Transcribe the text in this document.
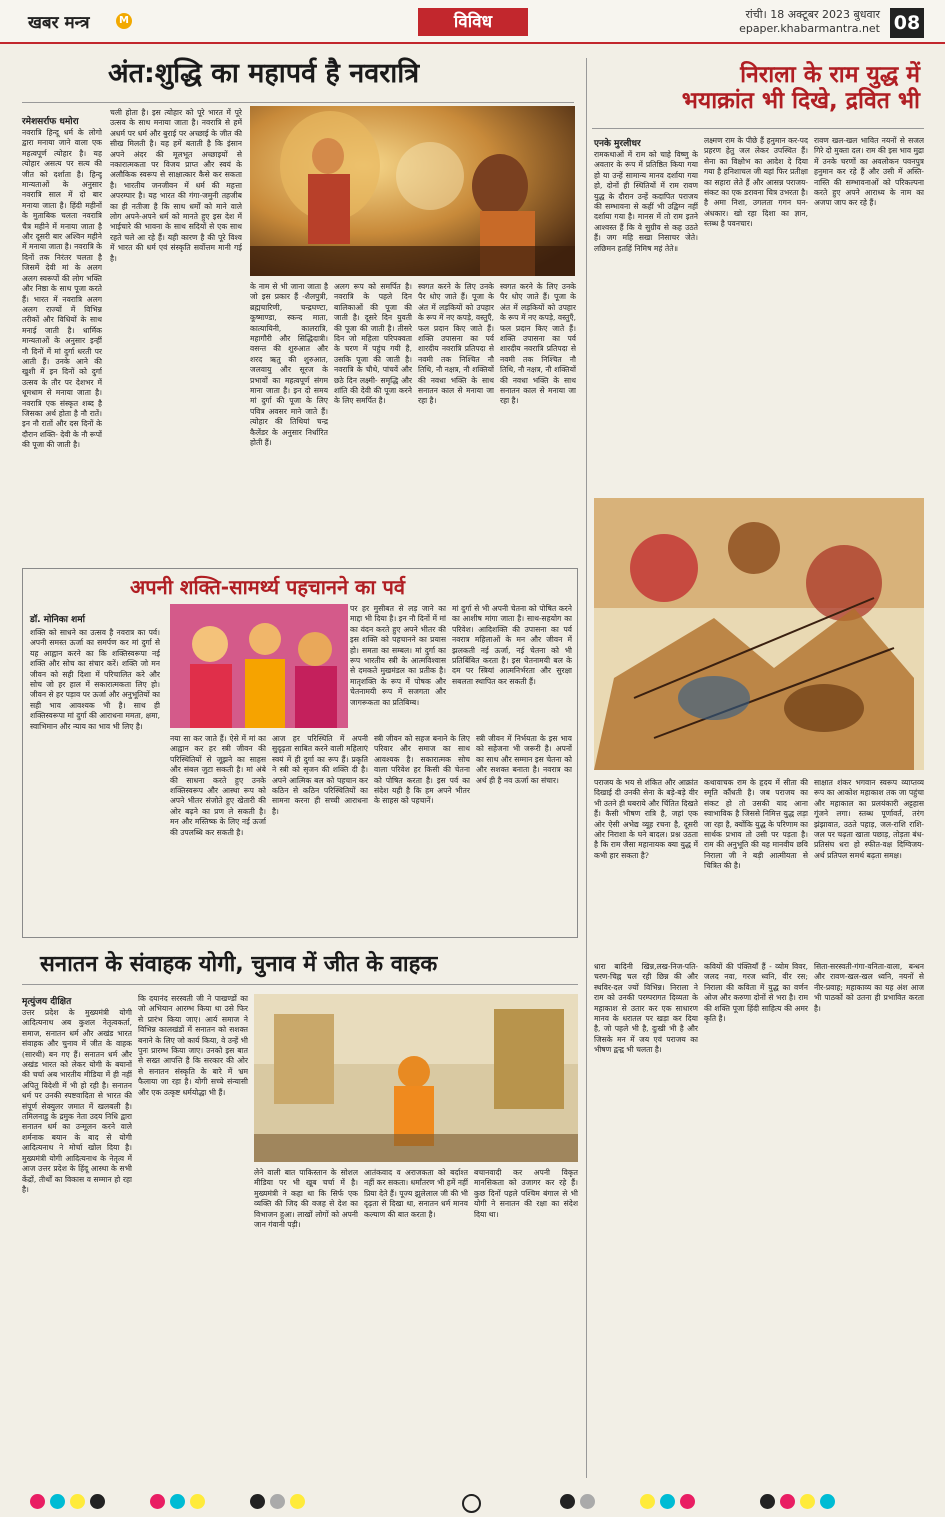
खबर मन्त्र	M	विविध	रांची। 18 अक्टूबर 2023 बुधवार
epaper.khabarmantra.net 08
अंत:शुद्धि का महापर्व है नवरात्रि
रमेशसर्राफ धमोरा
नवरात्रि हिन्दू धर्म के लोगो द्वारा मनाया जाने वाला एक महत्वपूर्ण त्योहार है। यह त्योहार असत्य पर सत्य की जीत को दर्शाता है। हिन्दू मान्यताओं के अनुसार नवरात्रि साल में दो बार मनाया जाता है। हिंदी महीनों के मुताबिक चलता नवरात्रि चैत्र महीने में मनाया जाता है और दूसरी बार अश्विन महीने में मनाया जाता है। नवरात्रि के दिनों तक निरंतर चलता है जिसमें देवी मां के अलग अलग स्वरूपों की लोग भक्ति और निष्ठा के साथ पूजा करते हैं। भारत में नवरात्रि अलग अलग राज्यों में विभिन्न तरीकों और विधियों के साथ मनाई जाती है। धार्मिक मान्यताओं के अनुसार इन्हीं नौ दिनों में मां दुर्गा धरती पर आती हैं। उनके आने की खुशी में इन दिनों को दुर्गा उत्सव के तौर पर देशभर में धूमधाम से मनाया जाता है। नवरात्रि एक संस्कृत शब्द है जिसका अर्थ होता है नौ रातें। इन नौ रातों और दस दिनों के दौरान शक्ति- देवी के नौ रूपों की पूजा की जाती है।
चली होता है। इस त्योहार को पूरे भारत में पूरे उत्सव के साथ मनाया जाता है। नवरात्रि से हमें अधर्म पर धर्म और बुराई पर अच्छाई के जीत की सीख मिलती है। यह हमें बताती है कि इंसान अपने अंदर की मूलभूत अच्छाइयों से नकारात्मकता पर विजय प्राप्त और स्वयं के अलौकिक स्वरूप से साक्षात्कार कैसे कर सकता है। भारतीय जनजीवन में धर्म की महत्ता अपरम्पार है। यह भारत की गंगा-जमुनी तहजीब का ही नतीजा है कि साथ धर्मों को माने वाले लोग अपने-अपने धर्म को मानते हुए इस देश में भाईचारे की भावना के साथ सदियों से एक साथ रहते चले आ रहे हैं। यही कारण है की पूरे विश्व में भारत की धर्म एवं संस्कृति सर्वोत्तम मानी गई है।
के नाम से भी जाना जाता है जो इस प्रकार हैं -शैलपुत्री, ब्रह्मचारिणी, चन्द्रघण्टा, कूष्माण्डा, स्कन्द माता, कात्यायिनी, कालरात्रि, महागौरी और सिद्धिदात्री। वसन्त की शुरुआत और शरद ऋतु की शुरुआत, जलवायु और सूरज के प्रभावों का महत्वपूर्ण संगम माना जाता है। इन दो समय मां दुर्गा की पूजा के लिए पवित्र अवसर माने जाते हैं। त्योहार की तिथियां चन्द्र कैलेंडर के अनुसार निर्धारित होती हैं।
अलग रूप को समर्पित है। नवरात्रि के पहले दिन बालिकाओं की पूजा की जाती है। दूसरे दिन युवती की पूजा की जाती है। तीसरे दिन जो महिला परिपक्वता के चरण में पहुंच गयी है, उसकि पूजा की जाती है। नवरात्रि के चौथे, पांचवें और छठे दिन लक्ष्मी- समृद्धि और शांति की देवी की पूजा करने के लिए समर्पित है।
स्वगत करने के लिए उनके पैर धोए जाते हैं। पूजा के अंत में लड़कियों को उपहार के रूप में नए कपड़े, वस्तुएँ, फल प्रदान किए जाते हैं। शक्ति उपासना का पर्व शारदीय नवरात्रि प्रतिपदा से नवमी तक निश्चित नौ तिथि, नौ नक्षत्र, नौ शक्तियों की नवधा भक्ति के साथ सनातन काल से मनाया जा रहा है।
स्वगत करने के लिए उनके पैर धोए जाते हैं। पूजा के अंत में लड़कियों को उपहार के रूप में नए कपड़े, वस्तुएँ, फल प्रदान किए जाते हैं। शक्ति उपासना का पर्व शारदीय नवरात्रि प्रतिपदा से नवमी तक निश्चित नौ तिथि, नौ नक्षत्र, नौ शक्तियों की नवधा भक्ति के साथ सनातन काल से मनाया जा रहा है।
निराला के राम युद्ध में
भयाक्रांत भी दिखे, द्रवित भी
एनके मुरलीधर
रामकथाओं में राम को चाहे विष्णु के अवतार के रूप में प्रतिष्ठित किया गया हो या उन्हें सामान्य मानव दर्शाया गया हो, दोनों ही स्थितियों में राम रावण युद्ध के दौरान उन्हें कदापित पराजय की सम्भावना से कहीं भी उद्विग्न नहीं दर्शाया गया है। मानस में तो राम इतने आश्वस्त हैं कि वे सुग्रीव से कह उठते हैं। जग महि सखा निसाचर जेते। लछिमन हतहिं निमिष महं तेते॥
लक्ष्मण राम के पीछे हैं हनुमान कर-पद प्रहरण हेतु जल लेकर उपस्थित हैं। सेना का विक्षोभ का आदेश दे दिया गया है हनिशाचल जी यहां फिर प्रतीक्षा का सहारा लेते हैं और आसन्न पराजय-संकट का एक डरावना चित्र उभरता है। है अमा निशा, उगलता गगन घन-अंधकार। खो रहा दिशा का ज्ञान, स्तब्ध है पवनचार।
रावण खल-खल भावित नयनों से सजल गिरे दो मुक्ता दल। राम की इस भाव मुद्रा में उनके चरणों का अवलोकन पवनपुत्र हनुमान कर रहे हैं और उसी में अस्ति-नास्ति की सम्भावनाओं को परिकल्पना करते हुए अपने आराध्य के नाम का अजपा जाप कर रहे हैं।
पराजय के भय से शंकित और आक्रांत दिखाई दी उनकी सेना के बड़े-बड़े वीर भी उतने ही घबराये और चिंतित दिखते हैं। कैसी भीषण रात्रि है, जहां एक ओर ऐसी अभेद्य व्यूह रचना है, दूसरी ओर निराशा के घने बादल। प्रश्न उठता है कि राम जैसा महानायक क्या युद्ध में कभी हार सकता है?
कथावाचक राम के हृदय में सीता की स्मृति कौंधती है। जब पराजय का संकट हो तो उसकी याद आना स्वाभाविक है जिससे निमित्त युद्ध लड़ा जा रहा है, क्योंकि युद्ध के परिणाम का सार्थक प्रभाव तो उसी पर पड़ता है। राम की अनुभूति की यह मानवीय छवि निराला जी ने बड़ी आत्मीयता से चित्रित की है।
साक्षात शंकर भगवान स्वरूप व्याप्तव्य रूप का आकोश महाकाश तक जा पहुंचा और महाकाल का प्रलयंकारी अट्टहास गूंजने लगा। स्तब्ध पूर्णावर्त, तरंग झंझावात, उठते पहाड़, जल-राशि राशि-जल पर चढ़ता खाता पछाड़, तोड़ता बंध- प्रतिसंघ धरा हो स्फीत-वक्ष दिग्विजय-अर्थ प्रतिपल समर्थ बढ़ता समक्ष।
धारा बादिनी खिन्न,लख-निज-पति-चरण-चिह्न चल रही छिन्न की और स्थविर-दल ज्यों विभिन्न। निराला ने राम को उनकी परम्परागत दिव्यता के महाकाश से उतार कर एक साधारण मानव के धरातल पर खड़ा कर दिया है, जो पहले भी है, दुःखी भी है और जिसके मन में जय एवं पराजय का भीषण द्वन्द्व भी चलता है।
कवियों की पंक्तियाँ हैं - व्योम विवर, जलद नवा, गरज ध्वनि, वीर रस; निराला की कविता में युद्ध का वर्णन ओज और करुणा दोनों से भरा है। राम की शक्ति पूजा हिंदी साहित्य की अमर कृति है।
सिता-सरस्वती-गंगा-वनिता-वाला, बन्धन और रावण-खल-खल ध्वनि, नयनों से नीर-प्रवाह; महाकाव्य का यह अंश आज भी पाठकों को उतना ही प्रभावित करता है।
अपनी शक्ति-सामर्थ्य पहचानने का पर्व
डॉ. मोनिका शर्मा
शक्ति को साधने का उत्सव है नवरात्र का पर्व। अपनी समस्त ऊर्जा का समर्पण कर मां दुर्गा से यह आह्वान करने का कि शक्तिस्वरूपा नई शक्ति और सोच का संचार करें। शक्ति जो मन जीवन को सही दिशा में परिचालित करे और सोच जो हर हाल में सकारात्मकता लिए हो। जीवन से हर पड़ाव पर ऊर्जा और अनुभूतियों का सही भाव आवश्यक भी है। साथ ही शक्तिस्वरूपा मां दुर्गा की आराधना ममता, क्षमा, स्वाभिमान और न्याय का भाव भी लिए है।
पर हर मुसीबत से लड़ जाने का माद्दा भी दिया है। इन नौ दिनों में मां का वंदन करते हुए अपने भीतर की इस शक्ति को पहचानने का प्रयास हो। समता का सम्बल। मां दुर्गा का रूप भारतीय स्त्री के आत्मविश्वास से दमकते मुखमंडल का प्रतीक है। मातृशक्ति के रूप में पोषक और चेतनामयी रूप में सजगता और जागरूकता का प्रतिबिम्ब।
मां दुर्गा से भी अपनी चेतना को पोषित करने का आशीष मांगा जाता है। साथ-सहयोग का परिवेश। आदिशक्ति की उपासना का पर्व नवरात्र महिलाओं के मन और जीवन में झलकती नई ऊर्जा, नई चेतना को भी प्रतिबिंबित करता है। इस चेतनामयी बल के दम पर स्त्रियां आत्मनिर्भरता और सुरक्षा सबलता स्थापित कर सकती हैं।
नया सा कर जाते हैं। ऐसे में मां का आह्वान कर हर स्त्री जीवन की परिस्थितियों से जूझने का साहस और संबल जुटा सकती है। मां अंबे की साधना करते हुए उनके शक्तिस्वरूप और आस्था रूप को अपने भीतर संजोते हुए खेतारी की ओर बढ़ने का प्रण ले सकती है। मन और मस्तिष्क के लिए नई ऊर्जा की उपलब्धि कर सकती है।
आज हर परिस्थिति में अपनी सुदृढ़ता साबित करने वाली महिलाएं स्वयं में ही दुर्गा का रूप हैं। प्रकृति ने स्त्री को सृजन की शक्ति दी है। अपने आत्मिक बल को पहचान कर कठिन से कठिन परिस्थितियों का सामना करना ही सच्ची आराधना है।
स्त्री जीवन को सहज बनाने के लिए परिवार और समाज का साथ आवश्यक है। सकारात्मक सोच वाला परिवेश हर किसी की चेतना को पोषित करता है। इस पर्व का संदेश यही है कि हम अपने भीतर के साहस को पहचानें।
स्त्री जीवन में निर्भयता के इस भाव को सहेजना भी जरूरी है। अपनों का साथ और सम्मान इस चेतना को और सशक्त बनाता है। नवरात्र का अर्थ ही है नव ऊर्जा का संचार।
सनातन के संवाहक योगी, चुनाव में जीत के वाहक
मृत्युंजय दीक्षित
उत्तर प्रदेश के मुख्यमंत्री योगी आदित्यनाथ अब कुशल नेतृत्वकर्ता, समाज, सनातन धर्म और अखंड भारत संवाहक और चुनाव में जीत के वाहक (सारथी) बन गए हैं। सनातन धर्म और अखंड भारत को लेकर योगी के बयानों की चर्चा अब भारतीय मीडिया में ही नहीं अपितु विदेशी में भी हो रही है। सनातन धर्म पर उनकी स्पष्टवादिता से भारत की संपूर्ण सेक्युलर जमात में खलबली है। तमिलनाडु के द्रमुक नेता उदय निधि द्वारा सनातन धर्म का उन्मूलन करने वाले शर्मनाक बयान के बाद से योगी आदित्यनाथ ने मोर्चा खोल दिया है। मुख्यमंत्री योगी आदित्यनाथ के नेतृत्व में आज उत्तर प्रदेश के हिंदू आस्था के सभी केंद्रों, तीर्थों का विकास व सम्मान हो रहा है।
कि दयानंद सरस्वती जी ने पाखण्डों का जो अभियान आरम्भ किया था उसे फिर से प्रारंभ किया जाए। आर्य समाज ने विभिन्न कालखंडों में सनातन को सशक्त बनाने के लिए जो कार्य किया, वे उन्हें भी पुनः प्रारम्भ किया जाए। उनको इस बात से सख्त आपत्ति है कि सरकार की ओर से सनातन संस्कृति के बारे में भ्रम फैलाया जा रहा है। योगी सच्चे संन्यासी और एक उत्कृष्ट धर्मयोद्धा भी हैं।
लेने वाली बात पाकिस्तान के सोशल मीडिया पर भी खूब चर्चा में है। मुख्यमंत्री ने कहा था कि सिर्फ एक व्यक्ति की जिद की वजह से देश का विभाजन हुआ। लाखों लोगों को अपनी जान गंवानी पड़ी।
आतंकवाद व अराजकता को बर्दाश्त नहीं कर सकता। धर्मांतरण भी हमें नहीं प्रिया देते हैं। पूज्य झुलेलाल जी की भी दृढ़ता से दिखा था, सनातन धर्म मानव कल्याण की बात करता है।
बचानवादी कर अपनी विकृत मानसिकता को उजागर कर रहे हैं। कुछ दिनों पहले पश्चिम बंगाल से भी योगी ने सनातन की रक्षा का संदेश दिया था।
